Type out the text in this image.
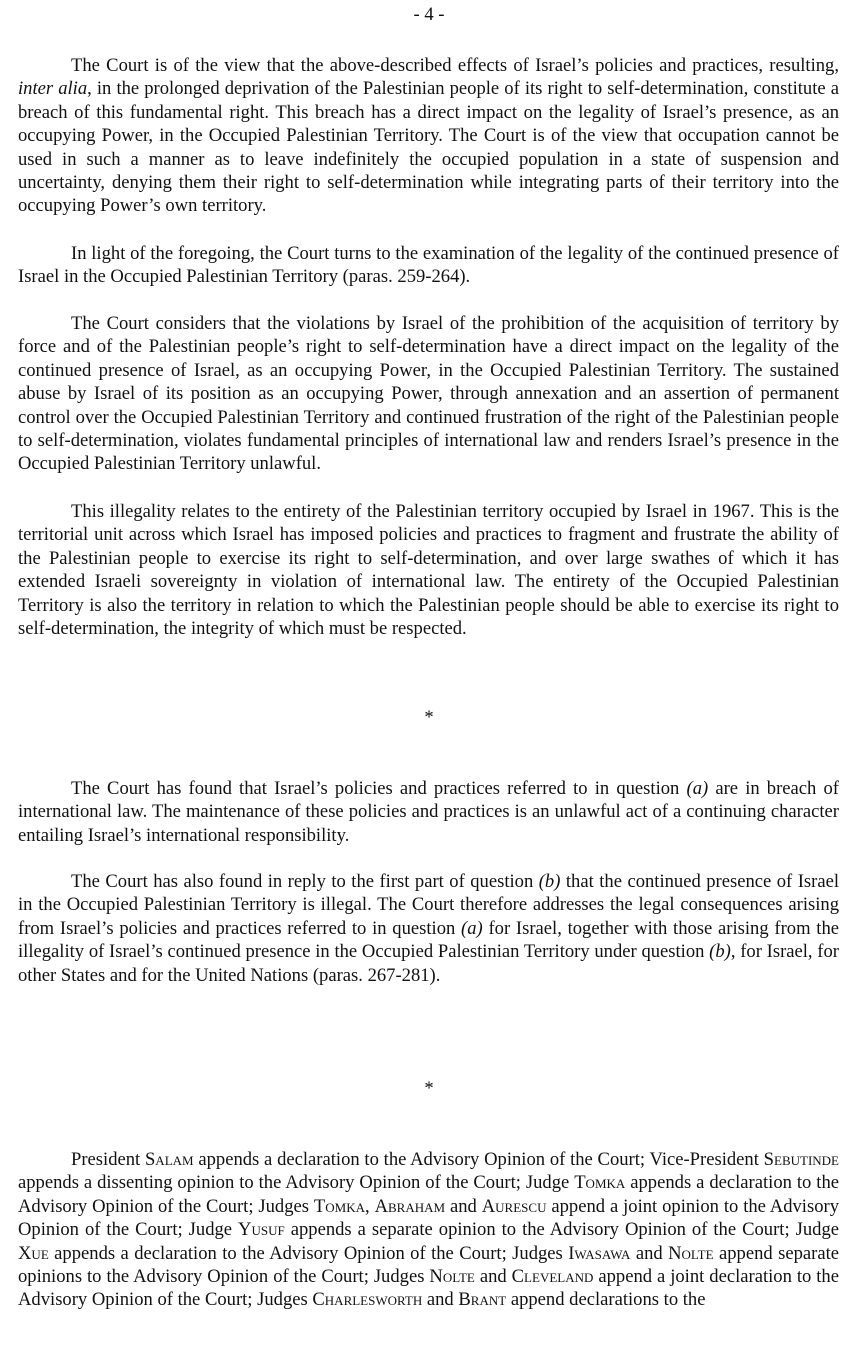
- 4 -

The Court is of the view that the above-described effects of Israel’s policies and practices, resulting, inter alia, in the prolonged deprivation of the Palestinian people of its right to self-determination, constitute a breach of this fundamental right. This breach has a direct impact on the legality of Israel’s presence, as an occupying Power, in the Occupied Palestinian Territory. The Court is of the view that occupation cannot be used in such a manner as to leave indefinitely the occupied population in a state of suspension and uncertainty, denying them their right to self-determination while integrating parts of their territory into the occupying Power’s own territory.

In light of the foregoing, the Court turns to the examination of the legality of the continued presence of Israel in the Occupied Palestinian Territory (paras. 259-264).

The Court considers that the violations by Israel of the prohibition of the acquisition of territory by force and of the Palestinian people’s right to self-determination have a direct impact on the legality of the continued presence of Israel, as an occupying Power, in the Occupied Palestinian Territory. The sustained abuse by Israel of its position as an occupying Power, through annexation and an assertion of permanent control over the Occupied Palestinian Territory and continued frustration of the right of the Palestinian people to self-determination, violates fundamental principles of international law and renders Israel’s presence in the Occupied Palestinian Territory unlawful.

This illegality relates to the entirety of the Palestinian territory occupied by Israel in 1967. This is the territorial unit across which Israel has imposed policies and practices to fragment and frustrate the ability of the Palestinian people to exercise its right to self-determination, and over large swathes of which it has extended Israeli sovereignty in violation of international law. The entirety of the Occupied Palestinian Territory is also the territory in relation to which the Palestinian people should be able to exercise its right to self-determination, the integrity of which must be respected.

*

The Court has found that Israel’s policies and practices referred to in question (a) are in breach of international law. The maintenance of these policies and practices is an unlawful act of a continuing character entailing Israel’s international responsibility.

The Court has also found in reply to the first part of question (b) that the continued presence of Israel in the Occupied Palestinian Territory is illegal. The Court therefore addresses the legal consequences arising from Israel’s policies and practices referred to in question (a) for Israel, together with those arising from the illegality of Israel’s continued presence in the Occupied Palestinian Territory under question (b), for Israel, for other States and for the United Nations (paras. 267-281).

*

President Salam appends a declaration to the Advisory Opinion of the Court; Vice-President Sebutinde appends a dissenting opinion to the Advisory Opinion of the Court; Judge Tomka appends a declaration to the Advisory Opinion of the Court; Judges Tomka, Abraham and Aurescu append a joint opinion to the Advisory Opinion of the Court; Judge Yusuf appends a separate opinion to the Advisory Opinion of the Court; Judge Xue appends a declaration to the Advisory Opinion of the Court; Judges Iwasawa and Nolte append separate opinions to the Advisory Opinion of the Court; Judges Nolte and Cleveland append a joint declaration to the Advisory Opinion of the Court; Judges Charlesworth and Brant append declarations to the
